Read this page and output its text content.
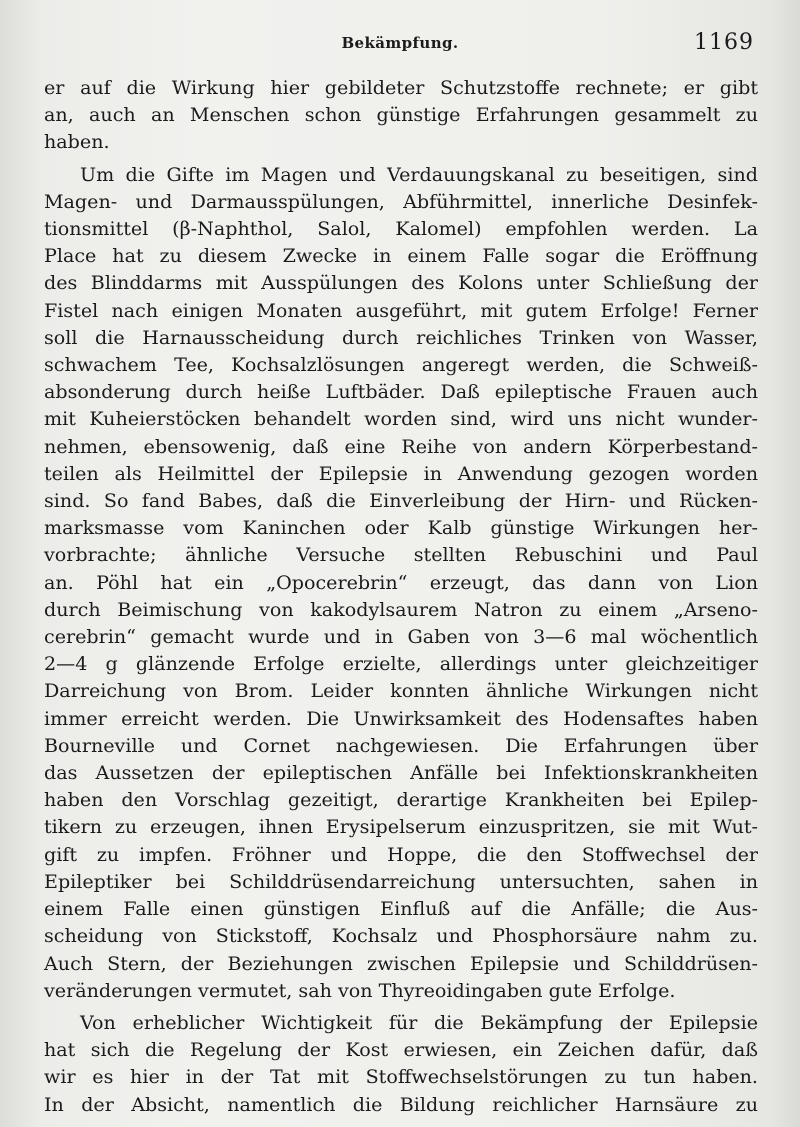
Bekämpfung.	1169
er auf die Wirkung hier gebildeter Schutzstoffe rechnete; er gibt
an, auch an Menschen schon günstige Erfahrungen gesammelt zu
haben.
Um die Gifte im Magen und Verdauungskanal zu beseitigen, sind
Magen- und Darmausspülungen, Abführmittel, innerliche Desinfek-
tionsmittel (β-Naphthol, Salol, Kalomel) empfohlen werden. La
Place hat zu diesem Zwecke in einem Falle sogar die Eröffnung
des Blinddarms mit Ausspülungen des Kolons unter Schließung der
Fistel nach einigen Monaten ausgeführt, mit gutem Erfolge! Ferner
soll die Harnausscheidung durch reichliches Trinken von Wasser,
schwachem Tee, Kochsalzlösungen angeregt werden, die Schweiß-
absonderung durch heiße Luftbäder. Daß epileptische Frauen auch
mit Kuheierstöcken behandelt worden sind, wird uns nicht wunder-
nehmen, ebensowenig, daß eine Reihe von andern Körperbestand-
teilen als Heilmittel der Epilepsie in Anwendung gezogen worden
sind. So fand Babes, daß die Einverleibung der Hirn- und Rücken-
marksmasse vom Kaninchen oder Kalb günstige Wirkungen her-
vorbrachte; ähnliche Versuche stellten Rebuschini und Paul
an. Pöhl hat ein „Opocerebrin“ erzeugt, das dann von Lion
durch Beimischung von kakodylsaurem Natron zu einem „Arseno-
cerebrin“ gemacht wurde und in Gaben von 3—6 mal wöchentlich
2—4 g glänzende Erfolge erzielte, allerdings unter gleichzeitiger
Darreichung von Brom. Leider konnten ähnliche Wirkungen nicht
immer erreicht werden. Die Unwirksamkeit des Hodensaftes haben
Bourneville und Cornet nachgewiesen. Die Erfahrungen über
das Aussetzen der epileptischen Anfälle bei Infektionskrankheiten
haben den Vorschlag gezeitigt, derartige Krankheiten bei Epilep-
tikern zu erzeugen, ihnen Erysipelserum einzuspritzen, sie mit Wut-
gift zu impfen. Fröhner und Hoppe, die den Stoffwechsel der
Epileptiker bei Schilddrüsendarreichung untersuchten, sahen in
einem Falle einen günstigen Einfluß auf die Anfälle; die Aus-
scheidung von Stickstoff, Kochsalz und Phosphorsäure nahm zu.
Auch Stern, der Beziehungen zwischen Epilepsie und Schilddrüsen-
veränderungen vermutet, sah von Thyreoidingaben gute Erfolge.
Von erheblicher Wichtigkeit für die Bekämpfung der Epilepsie
hat sich die Regelung der Kost erwiesen, ein Zeichen dafür, daß
wir es hier in der Tat mit Stoffwechselstörungen zu tun haben.
In der Absicht, namentlich die Bildung reichlicher Harnsäure zu
